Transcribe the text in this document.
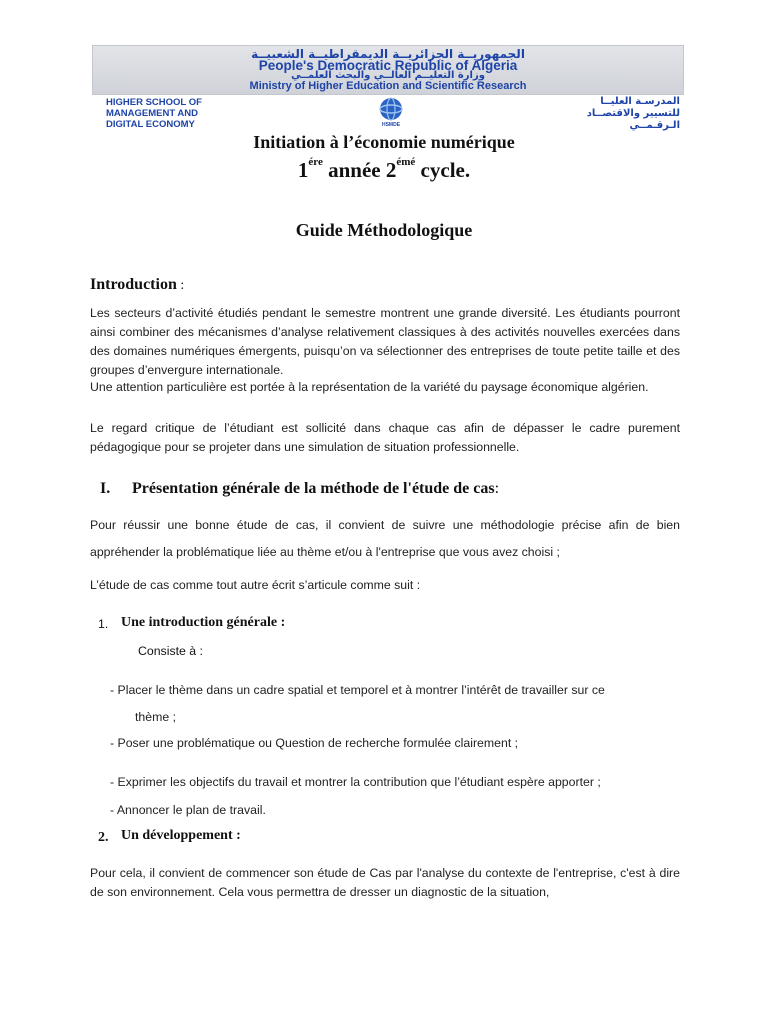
الجمهوريــة الجزائريــة الديمقراطيــة الشعبيــة
People's Democratic Republic of Algeria
وزارة التعليــم العالــي والبحث العلمــي
Ministry of Higher Education and Scientific Research
HIGHER SCHOOL OF
MANAGEMENT AND
DIGITAL ECONOMY	HSMDE
المدرسـة العليــا
للتسيير والاقتصــاد
الـرقـمــي
Initiation à l’économie numérique
$1^{ére}$ année $2^{émé}$ cycle.
Guide Méthodologique
Introduction :
Les secteurs d’activité étudiés pendant le semestre montrent une grande diversité. Les étudiants pourront ainsi combiner des mécanismes d’analyse relativement classiques à des activités nouvelles exercées dans des domaines numériques émergents, puisqu’on va sélectionner des entreprises de toute petite taille et des groupes d’envergure internationale.
Une attention particulière est portée à la représentation de la variété du paysage économique algérien.
Le regard critique de l’étudiant est sollicité dans chaque cas afin de dépasser le cadre purement pédagogique pour se projeter dans une simulation de situation professionnelle.
I. Présentation générale de la méthode de l'étude de cas:
Pour réussir une bonne étude de cas, il convient de suivre une méthodologie précise afin de bien appréhender la problématique liée au thème et/ou à l'entreprise que vous avez choisi ;
L’étude de cas comme tout autre écrit s’articule comme suit :
1. Une introduction générale :
Consiste à :
- Placer le thème dans un cadre spatial et temporel et à montrer l’intérêt de travailler sur ce
thème ;
- Poser une problématique ou Question de recherche formulée clairement ;
- Exprimer les objectifs du travail et montrer la contribution que l’étudiant espère apporter ;
- Annoncer le plan de travail.
2. Un développement :
Pour cela, il convient de commencer son étude de Cas par l'analyse du contexte de l'entreprise, c'est à dire de son environnement. Cela vous permettra de dresser un diagnostic de la situation,
